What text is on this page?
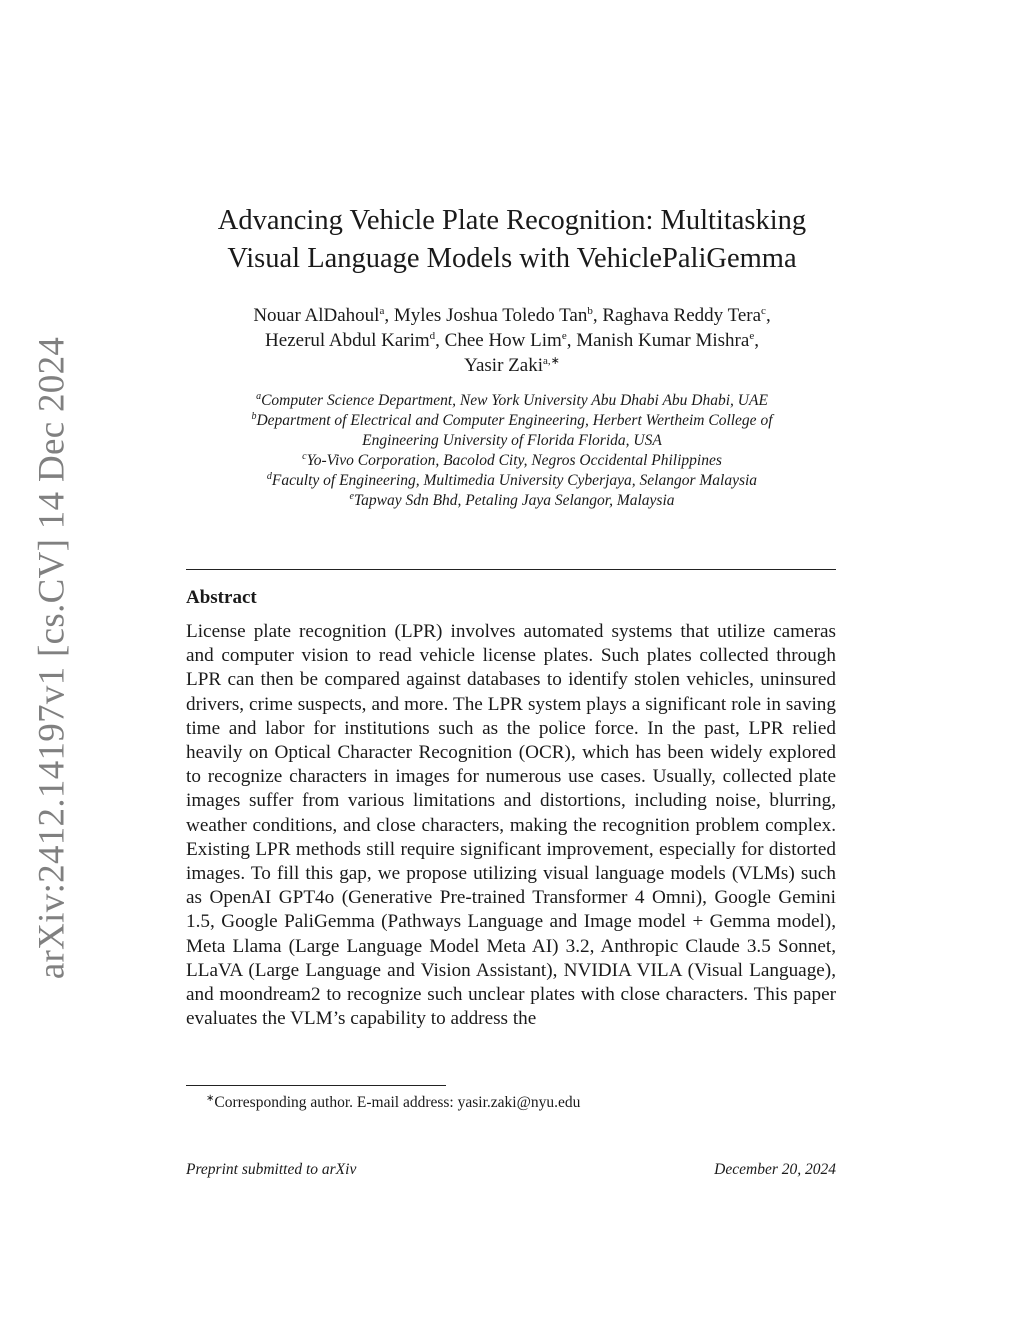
arXiv:2412.14197v1 [cs.CV] 14 Dec 2024
Advancing Vehicle Plate Recognition: Multitasking
Visual Language Models with VehiclePaliGemma
Nouar AlDahoul$^a$, Myles Joshua Toledo Tan$^b$, Raghava Reddy Tera$^c$,
Hezerul Abdul Karim$^d$, Chee How Lim$^e$, Manish Kumar Mishra$^e$,
Yasir Zaki$^{a,∗}$
$^a$Computer Science Department, New York University Abu Dhabi Abu Dhabi, UAE
$^b$Department of Electrical and Computer Engineering, Herbert Wertheim College of
Engineering University of Florida Florida, USA
$^c$Yo-Vivo Corporation, Bacolod City, Negros Occidental Philippines
$^d$Faculty of Engineering, Multimedia University Cyberjaya, Selangor Malaysia
$^e$Tapway Sdn Bhd, Petaling Jaya Selangor, Malaysia
Abstract

License plate recognition (LPR) involves automated systems that utilize cameras and computer vision to read vehicle license plates. Such plates collected through LPR can then be compared against databases to identify stolen vehicles, uninsured drivers, crime suspects, and more. The LPR system plays a significant role in saving time and labor for institutions such as the police force. In the past, LPR relied heavily on Optical Character Recognition (OCR), which has been widely explored to recognize characters in images for numerous use cases. Usually, collected plate images suffer from various limitations and distortions, including noise, blurring, weather conditions, and close characters, making the recognition problem complex. Existing LPR methods still require significant improvement, especially for distorted images. To fill this gap, we propose utilizing visual language models (VLMs) such as OpenAI GPT4o (Generative Pre-trained Transformer 4 Omni), Google Gemini 1.5, Google PaliGemma (Pathways Language and Image model + Gemma model), Meta Llama (Large Language Model Meta AI) 3.2, Anthropic Claude 3.5 Sonnet, LLaVA (Large Language and Vision Assistant), NVIDIA VILA (Visual Language), and moondream2 to recognize such unclear plates with close characters. This paper evaluates the VLM’s capability to address the

∗Corresponding author. E-mail address: yasir.zaki@nyu.edu
Preprint submitted to arXiv	December 20, 2024
